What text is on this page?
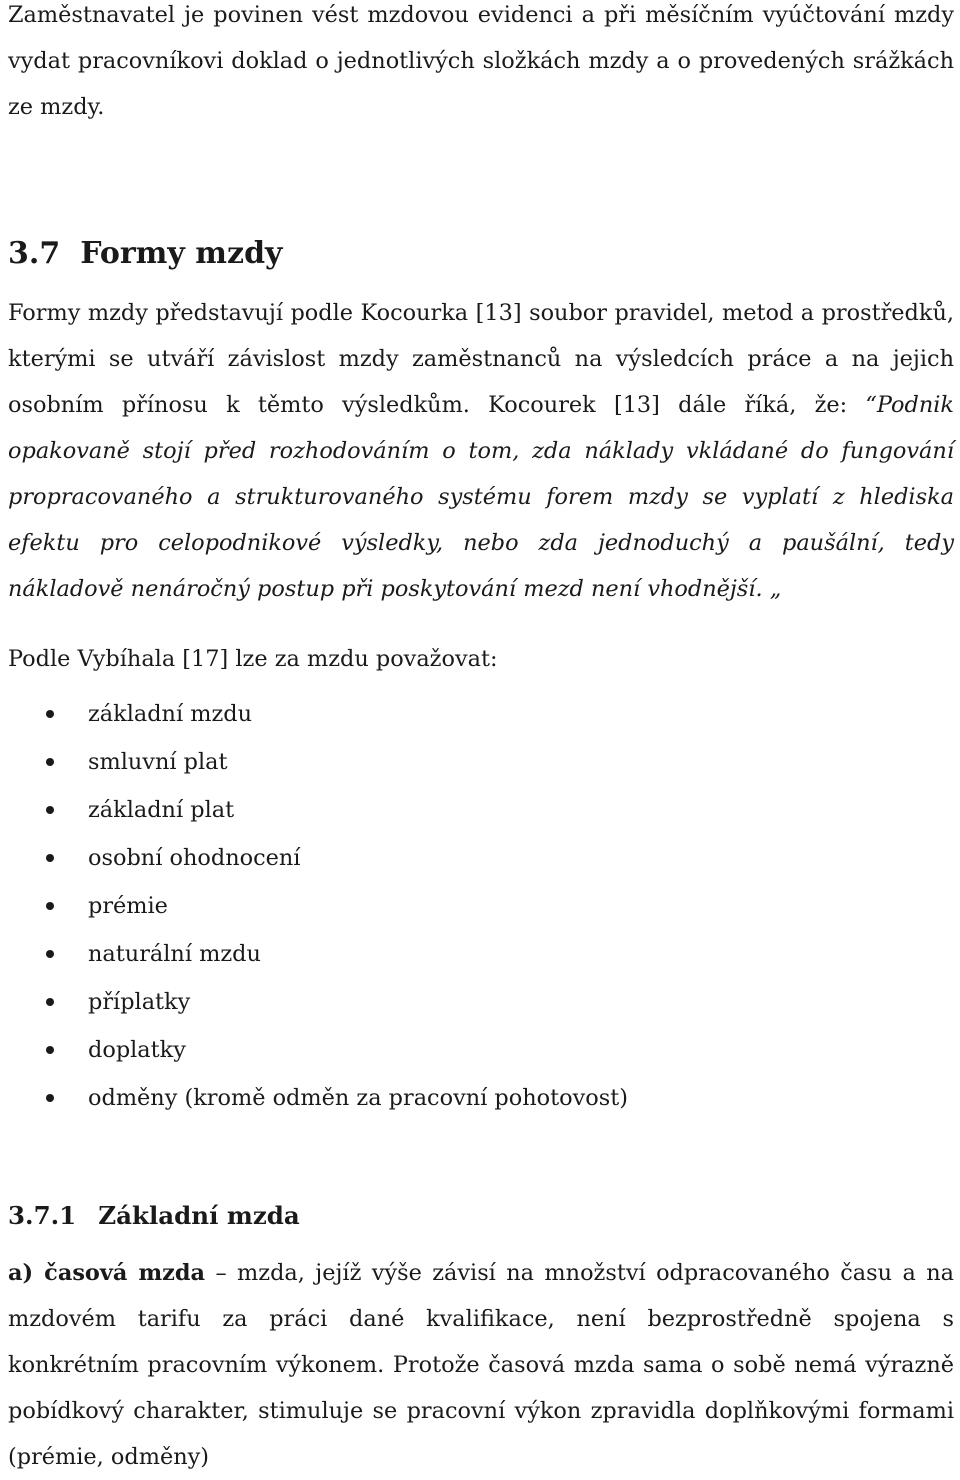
Zaměstnavatel je povinen vést mzdovou evidenci a při měsíčním vyúčtování mzdy vydat pracovníkovi doklad o jednotlivých složkách mzdy a o provedených srážkách ze mzdy.

3.7 Formy mzdy

Formy mzdy představují podle Kocourka [13] soubor pravidel, metod a prostředků, kterými se utváří závislost mzdy zaměstnanců na výsledcích práce a na jejich osobním přínosu k těmto výsledkům. Kocourek [13] dále říká, že: “Podnik opakovaně stojí před rozhodováním o tom, zda náklady vkládané do fungování propracovaného a strukturovaného systému forem mzdy se vyplatí z hlediska efektu pro celopodnikové výsledky, nebo zda jednoduchý a paušální, tedy nákladově nenáročný postup při poskytování mezd není vhodnější. „

Podle Vybíhala [17] lze za mzdu považovat:

základní mzdu
smluvní plat
základní plat
osobní ohodnocení
prémie
naturální mzdu
příplatky
doplatky
odměny (kromě odměn za pracovní pohotovost)
3.7.1 Základní mzda

a) časová mzda – mzda, jejíž výše závisí na množství odpracovaného času a na mzdovém tarifu za práci dané kvalifikace, není bezprostředně spojena s konkrétním pracovním výkonem. Protože časová mzda sama o sobě nemá výrazně pobídkový charakter, stimuluje se pracovní výkon zpravidla doplňkovými formami (prémie, odměny)
